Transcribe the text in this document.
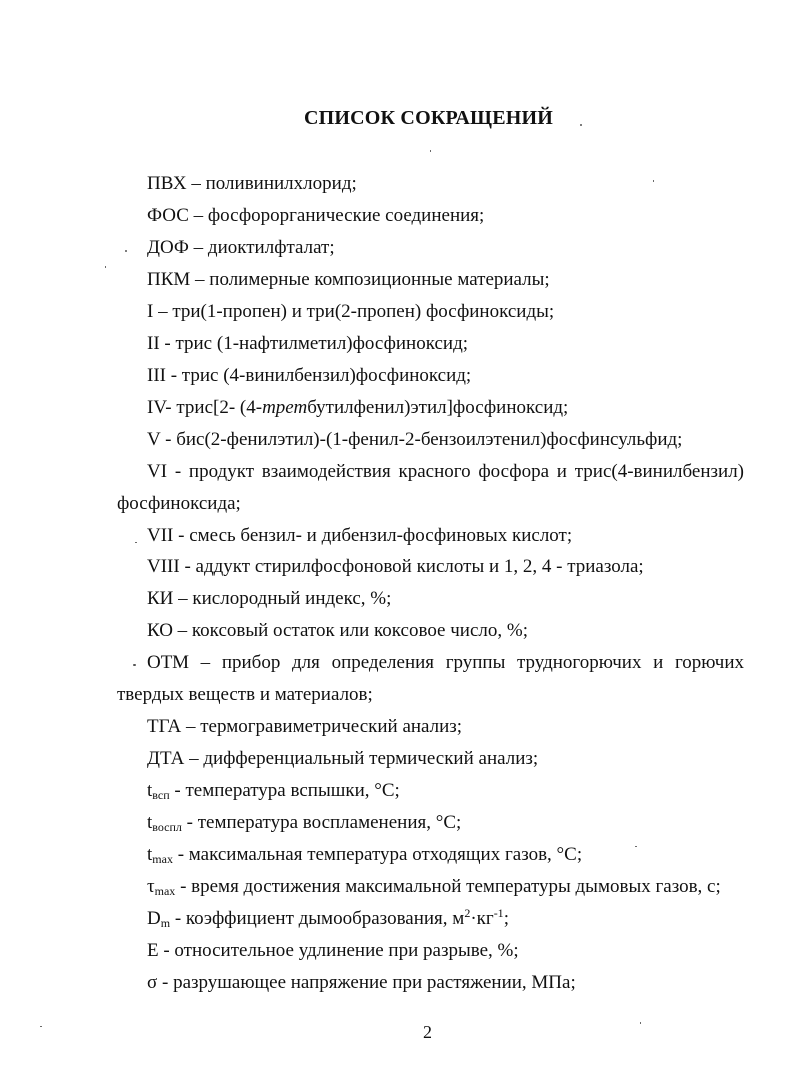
СПИСОК СОКРАЩЕНИЙ
ПВХ – поливинилхлорид;
ФОС – фосфорорганические соединения;
ДОФ – диоктилфталат;
ПКМ – полимерные композиционные материалы;
I – три(1-пропен) и три(2-пропен) фосфиноксиды;
II - трис (1-нафтилметил)фосфиноксид;
III - трис (4-винилбензил)фосфиноксид;
IV- трис[2- (4-третбутилфенил)этил]фосфиноксид;
V - бис(2-фенилэтил)-(1-фенил-2-бензоилэтенил)фосфинсульфид;
VI - продукт взаимодействия красного фосфора и трис(4-винилбензил)
фосфиноксида;
VII - смесь бензил- и дибензил-фосфиновых кислот;
VIII - аддукт стирилфосфоновой кислоты и 1, 2, 4 - триазола;
КИ – кислородный индекс, %;
КО – коксовый остаток или коксовое число, %;
ОТМ – прибор для определения группы трудногорючих и горючих
твердых веществ и материалов;
ТГА – термогравиметрический анализ;
ДТА – дифференциальный термический анализ;
$t_{всп}$ - температура вспышки, °С;
$t_{воспл}$ - температура воспламенения, °С;
$t_{max}$ - максимальная температура отходящих газов, °С;
$\tau_{max}$ - время достижения максимальной температуры дымовых газов, с;
$D_m$ - коэффициент дымообразования, $м^2\cdot кг^{-1}$;
Е - относительное удлинение при разрыве, %;
σ - разрушающее напряжение при растяжении, МПа;
2
